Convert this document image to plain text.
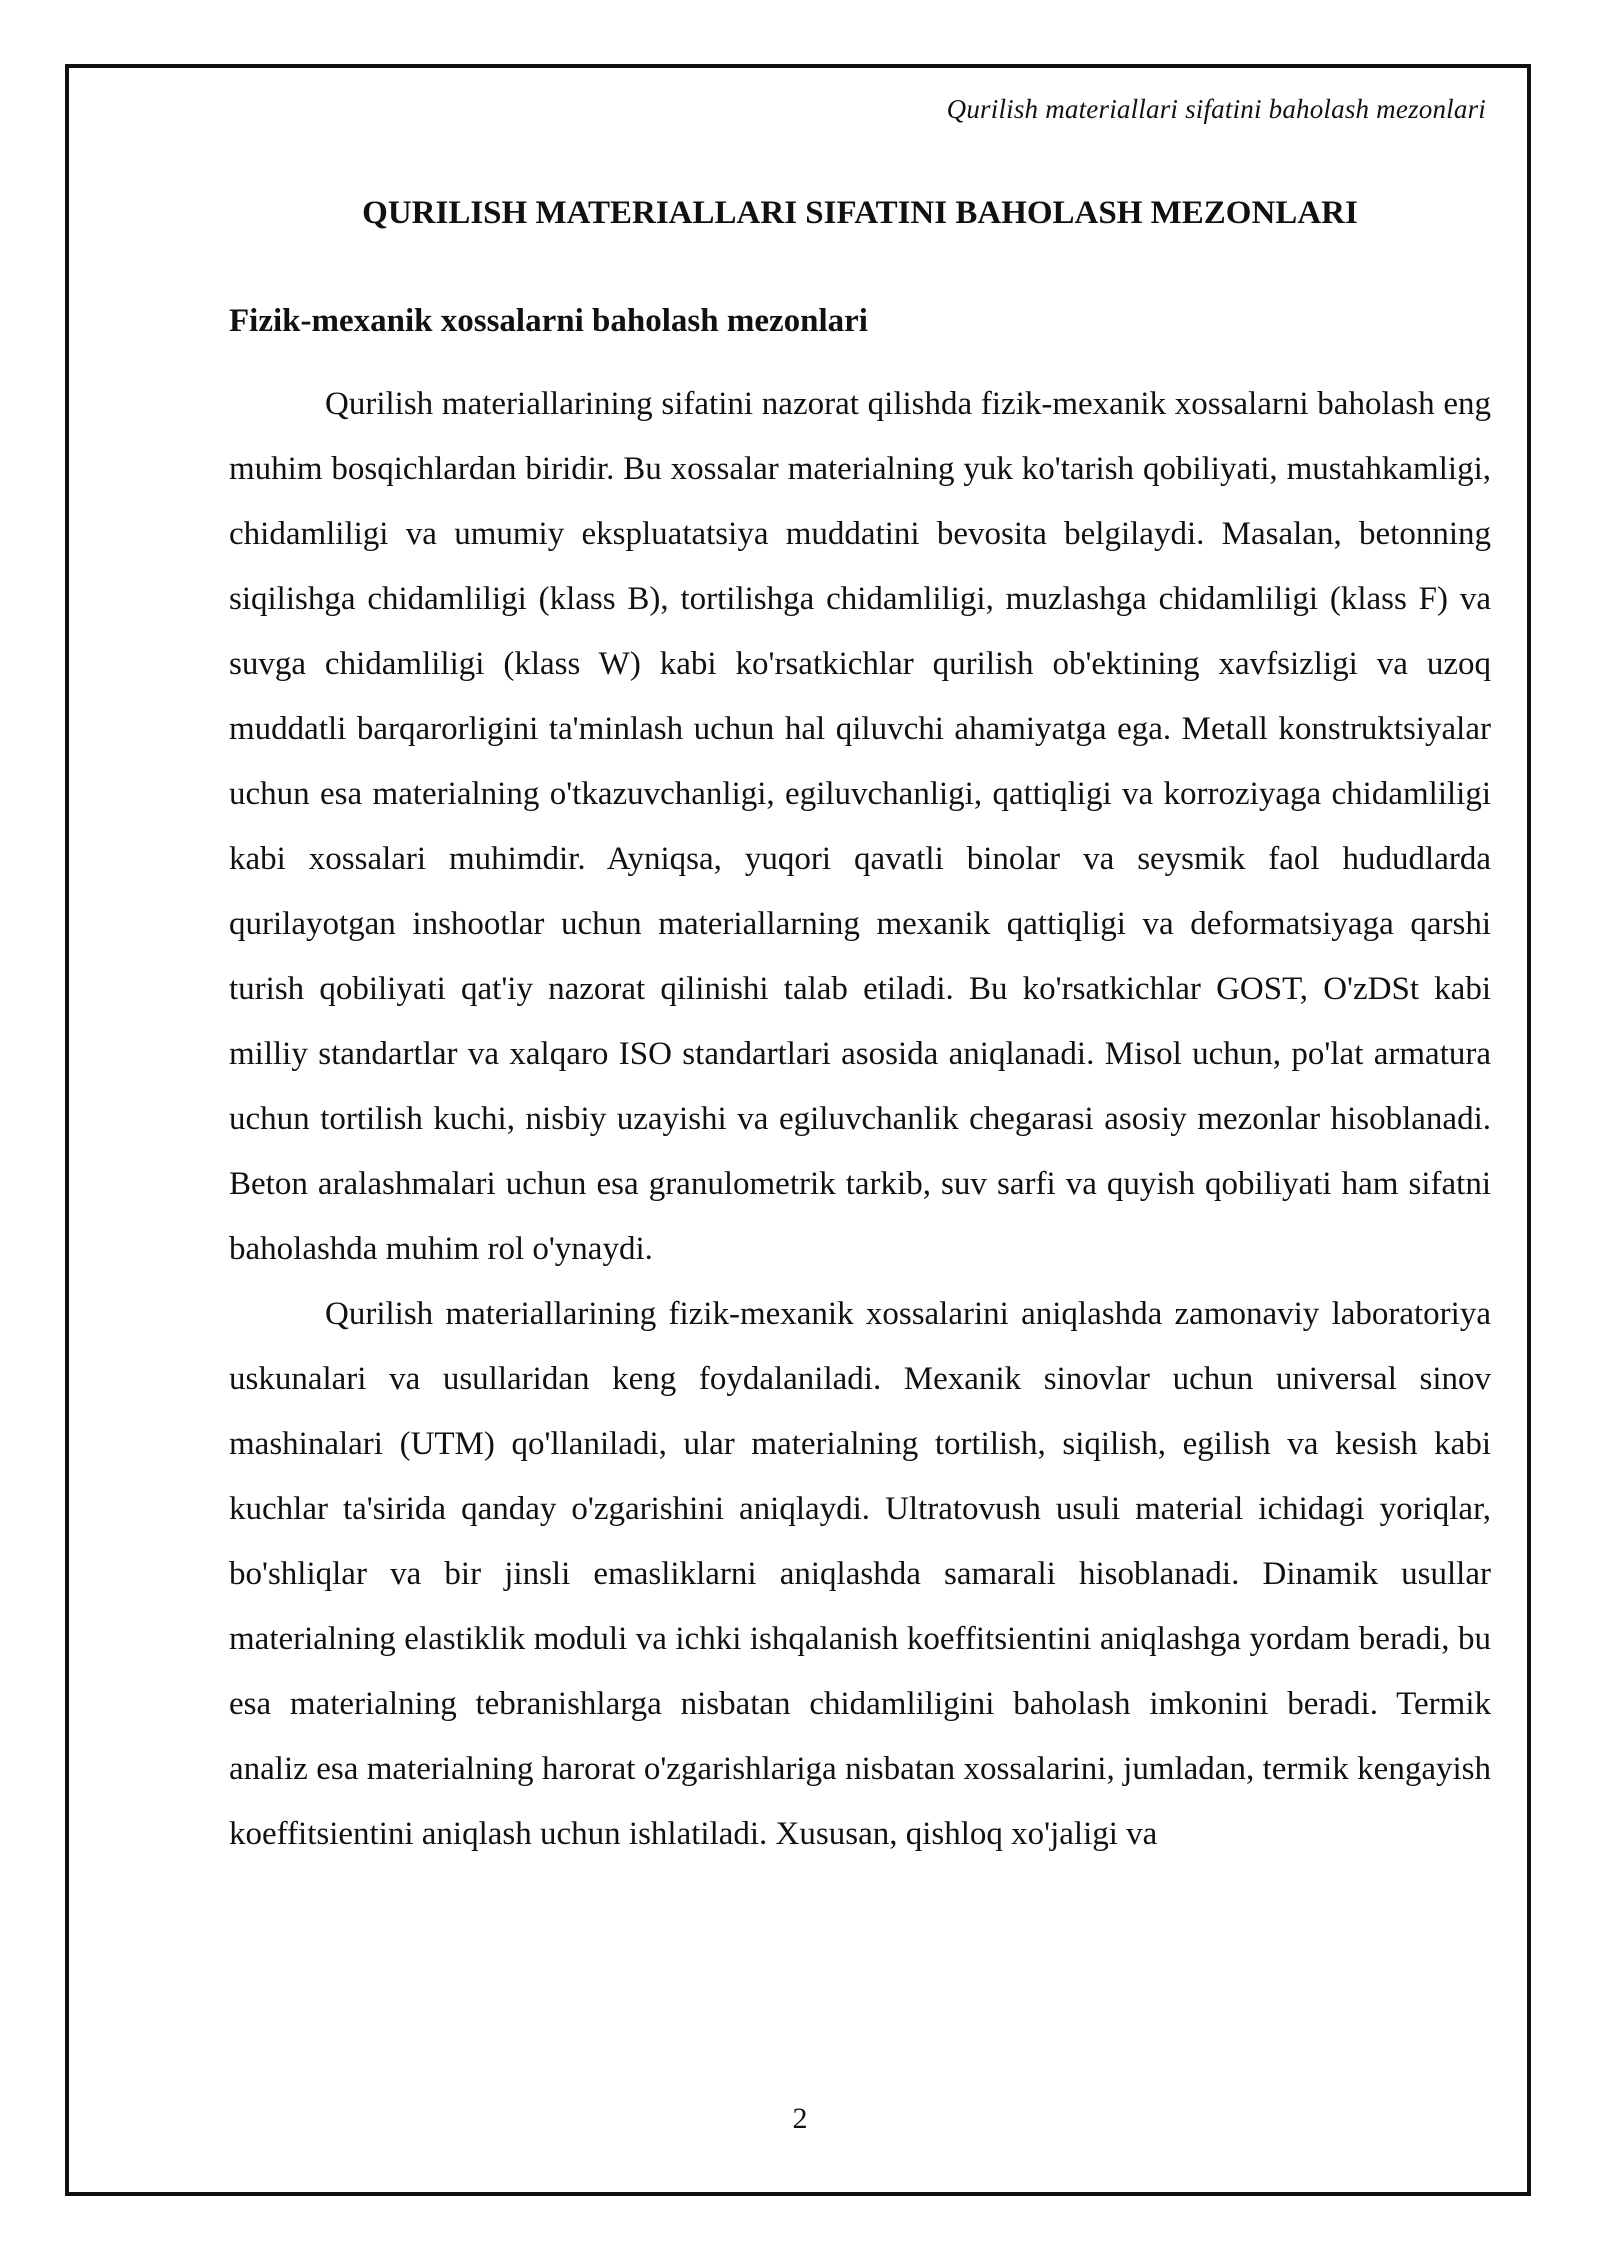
Qurilish materiallari sifatini baholash mezonlari
QURILISH MATERIALLARI SIFATINI BAHOLASH MEZONLARI
Fizik-mexanik xossalarni baholash mezonlari

Qurilish materiallarining sifatini nazorat qilishda fizik-mexanik xossalarni baholash eng muhim bosqichlardan biridir. Bu xossalar materialning yuk ko'tarish qobiliyati, mustahkamligi, chidamliligi va umumiy ekspluatatsiya muddatini bevosita belgilaydi. Masalan, betonning siqilishga chidamliligi (klass B), tortilishga chidamliligi, muzlashga chidamliligi (klass F) va suvga chidamliligi (klass W) kabi ko'rsatkichlar qurilish ob'ektining xavfsizligi va uzoq muddatli barqarorligini ta'minlash uchun hal qiluvchi ahamiyatga ega. Metall konstruktsiyalar uchun esa materialning o'tkazuvchanligi, egiluvchanligi, qattiqligi va korroziyaga chidamliligi kabi xossalari muhimdir. Ayniqsa, yuqori qavatli binolar va seysmik faol hududlarda qurilayotgan inshootlar uchun materiallarning mexanik qattiqligi va deformatsiyaga qarshi turish qobiliyati qat'iy nazorat qilinishi talab etiladi. Bu ko'rsatkichlar GOST, O'zDSt kabi milliy standartlar va xalqaro ISO standartlari asosida aniqlanadi. Misol uchun, po'lat armatura uchun tortilish kuchi, nisbiy uzayishi va egiluvchanlik chegarasi asosiy mezonlar hisoblanadi. Beton aralashmalari uchun esa granulometrik tarkib, suv sarfi va quyish qobiliyati ham sifatni baholashda muhim rol o'ynaydi.

Qurilish materiallarining fizik-mexanik xossalarini aniqlashda zamonaviy laboratoriya uskunalari va usullaridan keng foydalaniladi. Mexanik sinovlar uchun universal sinov mashinalari (UTM) qo'llaniladi, ular materialning tortilish, siqilish, egilish va kesish kabi kuchlar ta'sirida qanday o'zgarishini aniqlaydi. Ultratovush usuli material ichidagi yoriqlar, bo'shliqlar va bir jinsli emasliklarni aniqlashda samarali hisoblanadi. Dinamik usullar materialning elastiklik moduli va ichki ishqalanish koeffitsientini aniqlashga yordam beradi, bu esa materialning tebranishlarga nisbatan chidamliligini baholash imkonini beradi. Termik analiz esa materialning harorat o'zgarishlariga nisbatan xossalarini, jumladan, termik kengayish koeffitsientini aniqlash uchun ishlatiladi. Xususan, qishloq xo'jaligi va

2
